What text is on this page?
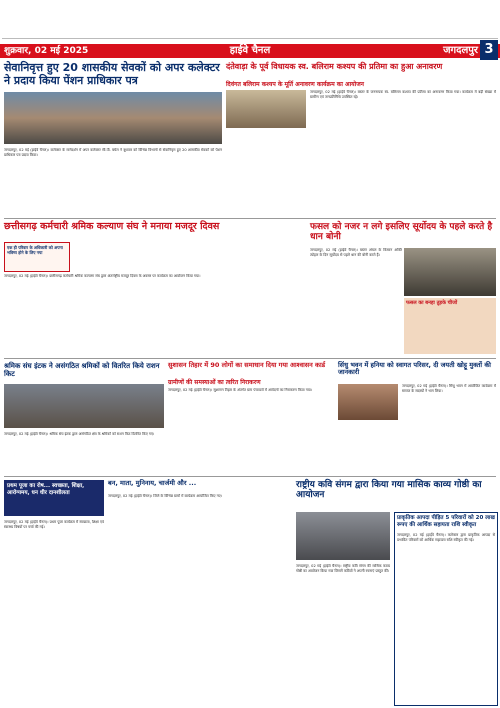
शुक्रवार, 02 मई 2025	हाईवे चैनल	जगदलपुर 3
सेवानिवृत्त हुए 20 शासकीय सेवकों को अपर कलेक्टर ने प्रदाय किया पेंशन प्राधिकार पत्र
जगदलपुर, 02 मई (हाईवे चैनल)। कलेक्टर के मार्गदर्शन में अपर कलेक्टर सी.पी. बघेल ने बुधवार को विभिन्न विभागों से सेवानिवृत्त हुए 20 शासकीय सेवकों को पेंशन प्राधिकार पत्र प्रदाय किया।
दंतेवाड़ा के पूर्व विधायक स्व. बलिराम कश्यप की प्रतिमा का हुआ अनावरण
दिवंगत बलिराम कश्यप के मूर्ति अनावरण कार्यक्रम का आयोजन
जगदलपुर, 02 मई (हाईवे चैनल)। बस्तर के जननायक स्व. बलिराम कश्यप की प्रतिमा का अनावरण किया गया। कार्यक्रम में बड़ी संख्या में ग्रामीण एवं जनप्रतिनिधि उपस्थित रहे।
छत्तीसगढ़ कर्मचारी श्रमिक कल्याण संघ ने मनाया मजदूर दिवस
एक ही परिवार के अधिकारी को अपना भविष्य होने के लिए नया
जगदलपुर, 02 मई (हाईवे चैनल)। छत्तीसगढ़ कर्मचारी श्रमिक कल्याण संघ द्वारा अंतर्राष्ट्रीय मजदूर दिवस के अवसर पर कार्यक्रम का आयोजन किया गया।
फसल को नजर न लगे इसलिए सूर्योदय के पहले करते है धान बोनी
जगदलपुर, 02 मई (हाईवे चैनल)। बस्तर अंचल के किसान अक्ति त्योहार के दिन सूर्योदय से पहले धान की बोनी करते हैं।
फसल का बनहा तुड़के चीजों
श्रमिक संघ इंटक ने असंगठित श्रमिकों को वितरित किये राशन किट
जगदलपुर, 02 मई (हाईवे चैनल)। श्रमिक संघ इंटक द्वारा असंगठित क्षेत्र के श्रमिकों को राशन किट वितरित किए गए।
सुशासन तिहार में 90 लोगों का समाधान दिया गया आश्वासन कार्ड
ग्रामीणों की समस्याओं का त्वरित निराकरण
जगदलपुर, 02 मई (हाईवे चैनल)। सुशासन तिहार के अंतर्गत ग्राम पंचायतों में आवेदनों का निराकरण किया गया।
सिंधु भवन में हनिया को स्वागत परिसर, दी जयती खोट्टू मुक्तों की जानकारी
जगदलपुर, 02 मई (हाईवे चैनल)। सिंधु भवन में आयोजित कार्यक्रम में समाज के सदस्यों ने भाग लिया।
प्रथम पूजा का रोष... स्वच्छता, शिक्षा, आरोग्यमय, धन धीर दानशीलता
जगदलपुर, 02 मई (हाईवे चैनल)। प्रथम पूजा कार्यक्रम में स्वच्छता, शिक्षा एवं स्वास्थ्य विषयों पर चर्चा की गई।
बन, माता, मुनिनाय, चार्जमी और ...
जगदलपुर, 02 मई (हाईवे चैनल)। जिले के विभिन्न ग्रामों में कार्यक्रम आयोजित किए गए।
राष्ट्रीय कवि संगम द्वारा किया गया मासिक काव्य गोष्ठी का आयोजन
जगदलपुर, 02 मई (हाईवे चैनल)। राष्ट्रीय कवि संगम की मासिक काव्य गोष्ठी का आयोजन किया गया जिसमें कवियों ने अपनी रचनाएं प्रस्तुत कीं।
प्राकृतिक आपदा पीड़ित 5 परिवारों को 20 लाख रूपए की आर्थिक सहायता राशि स्वीकृत
जगदलपुर, 02 मई (हाईवे चैनल)। कलेक्टर द्वारा प्राकृतिक आपदा से प्रभावित परिवारों को आर्थिक सहायता राशि स्वीकृत की गई।
